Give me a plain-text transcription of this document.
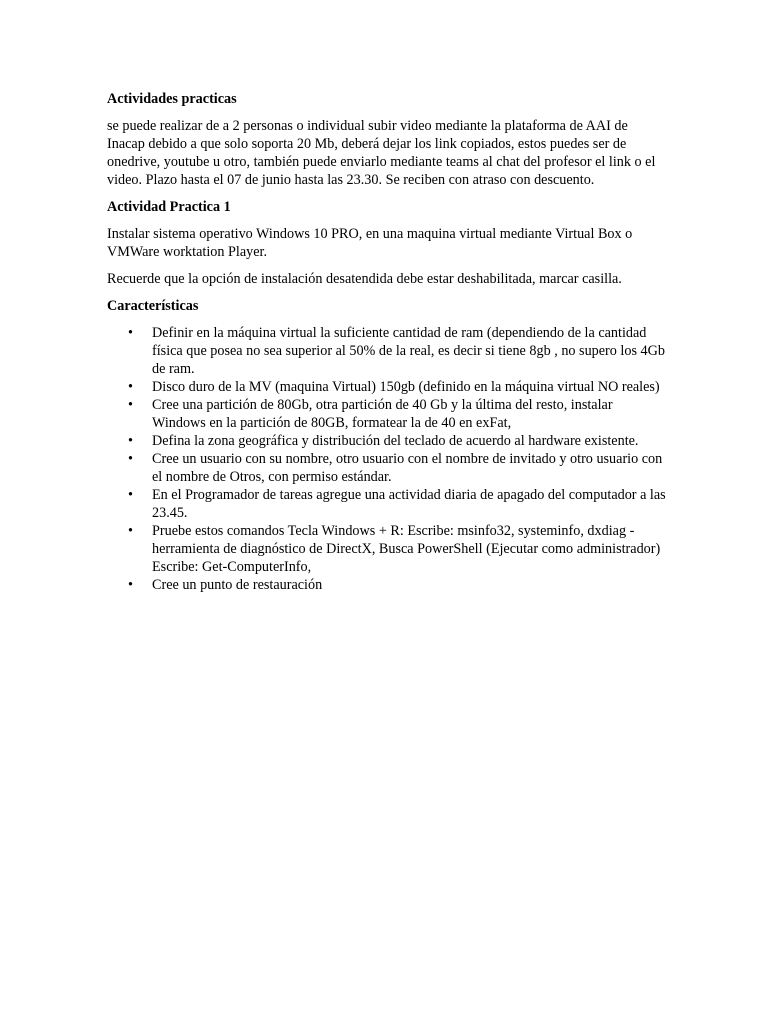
Actividades practicas

se puede realizar de a 2 personas o individual subir video mediante la plataforma de AAI de Inacap debido a que solo soporta 20 Mb, deberá dejar los link copiados, estos puedes ser de onedrive, youtube u otro, también puede enviarlo mediante teams al chat del profesor el link o el video. Plazo hasta el 07 de junio hasta las 23.30. Se reciben con atraso con descuento.

Actividad Practica 1

Instalar sistema operativo Windows 10 PRO, en una maquina virtual mediante Virtual Box o VMWare worktation Player.

Recuerde que la opción de instalación desatendida debe estar deshabilitada, marcar casilla.

Características

• Definir en la máquina virtual la suficiente cantidad de ram (dependiendo de la cantidad física que posea no sea superior al 50% de la real, es decir si tiene 8gb , no supero los 4Gb de ram.
• Disco duro de la MV (maquina Virtual) 150gb (definido en la máquina virtual NO reales)
• Cree una partición de 80Gb, otra partición de 40 Gb y la última del resto, instalar Windows en la partición de 80GB, formatear la de 40 en exFat,
• Defina la zona geográfica y distribución del teclado de acuerdo al hardware existente.
• Cree un usuario con su nombre, otro usuario con el nombre de invitado y otro usuario con el nombre de Otros, con permiso estándar.
• En el Programador de tareas agregue una actividad diaria de apagado del computador a las 23.45.
• Pruebe estos comandos Tecla Windows + R: Escribe: msinfo32, systeminfo, dxdiag - herramienta de diagnóstico de DirectX, Busca PowerShell (Ejecutar como administrador) Escribe: Get-ComputerInfo,
• Cree un punto de restauración
